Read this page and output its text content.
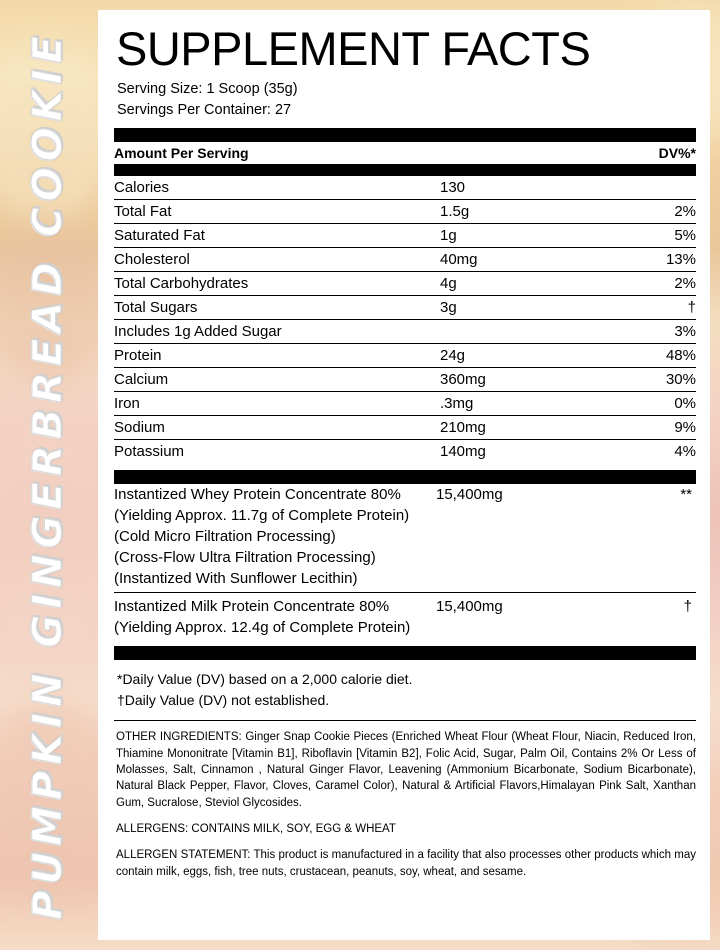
PUMPKIN GINGERBREAD COOKIE SUPPLEMENT FACTS
Serving Size: 1 Scoop (35g)
Servings Per Container: 27
Amount Per Serving		DV%*
Calories	130	
Total Fat	1.5g	2%
Saturated Fat	1g	5%
Cholesterol	40mg	13%
Total Carbohydrates	4g	2%
Total Sugars	3g	†
Includes 1g Added Sugar		3%
Protein	24g	48%
Calcium	360mg	30%
Iron	.3mg	0%
Sodium	210mg	9%
Potassium	140mg	4%
Instantized Whey Protein Concentrate 80%	15,400mg	**
(Yielding Approx. 11.7g of Complete Protein)		
(Cold Micro Filtration Processing)		
(Cross-Flow Ultra Filtration Processing)		
(Instantized With Sunflower Lecithin)		
Instantized Milk Protein Concentrate 80%	15,400mg	†
(Yielding Approx. 12.4g of Complete Protein)		
*Daily Value (DV) based on a 2,000 calorie diet.
†Daily Value (DV) not established.
OTHER INGREDIENTS: Ginger Snap Cookie Pieces (Enriched Wheat Flour (Wheat Flour, Niacin, Reduced Iron, Thiamine Mononitrate [Vitamin B1], Riboflavin [Vitamin B2], Folic Acid, Sugar, Palm Oil, Contains 2% Or Less of Molasses, Salt, Cinnamon , Natural Ginger Flavor, Leavening (Ammonium Bicarbonate, Sodium Bicarbonate), Natural Black Pepper, Flavor, Cloves, Caramel Color), Natural & Artificial Flavors,Himalayan Pink Salt, Xanthan Gum, Sucralose, Steviol Glycosides.
ALLERGENS: CONTAINS MILK, SOY, EGG & WHEAT
ALLERGEN STATEMENT: This product is manufactured in a facility that also processes other products which may contain milk, eggs, fish, tree nuts, crustacean, peanuts, soy, wheat, and sesame.
